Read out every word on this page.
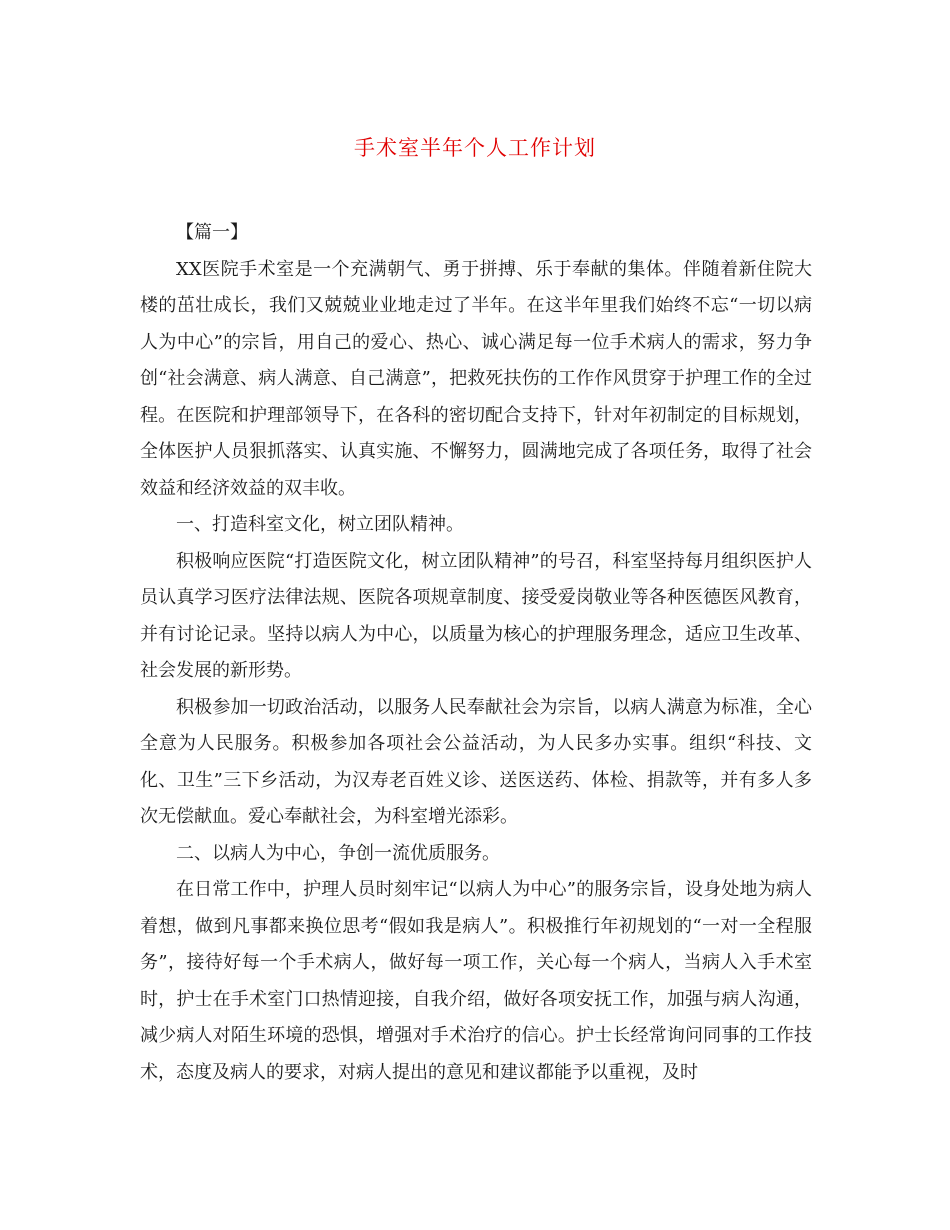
手术室半年个人工作计划

【篇一】

XX医院手术室是一个充满朝气、勇于拼搏、乐于奉献的集体。伴随着新住院大楼的茁壮成长，我们又兢兢业业地走过了半年。在这半年里我们始终不忘“一切以病人为中心”的宗旨，用自己的爱心、热心、诚心满足每一位手术病人的需求，努力争创“社会满意、病人满意、自己满意”，把救死扶伤的工作作风贯穿于护理工作的全过程。在医院和护理部领导下，在各科的密切配合支持下，针对年初制定的目标规划，全体医护人员狠抓落实、认真实施、不懈努力，圆满地完成了各项任务，取得了社会效益和经济效益的双丰收。

一、打造科室文化，树立团队精神。

积极响应医院“打造医院文化，树立团队精神”的号召，科室坚持每月组织医护人员认真学习医疗法律法规、医院各项规章制度、接受爱岗敬业等各种医德医风教育，并有讨论记录。坚持以病人为中心，以质量为核心的护理服务理念，适应卫生改革、社会发展的新形势。

积极参加一切政治活动，以服务人民奉献社会为宗旨，以病人满意为标准，全心全意为人民服务。积极参加各项社会公益活动，为人民多办实事。组织“科技、文化、卫生”三下乡活动，为汉寿老百姓义诊、送医送药、体检、捐款等，并有多人多次无偿献血。爱心奉献社会，为科室增光添彩。

二、以病人为中心，争创一流优质服务。

在日常工作中，护理人员时刻牢记“以病人为中心”的服务宗旨，设身处地为病人着想，做到凡事都来换位思考“假如我是病人”。积极推行年初规划的“一对一全程服务”，接待好每一个手术病人，做好每一项工作，关心每一个病人，当病人入手术室时，护士在手术室门口热情迎接，自我介绍，做好各项安抚工作，加强与病人沟通，减少病人对陌生环境的恐惧，增强对手术治疗的信心。护士长经常询问同事的工作技术，态度及病人的要求，对病人提出的意见和建议都能予以重视，及时
